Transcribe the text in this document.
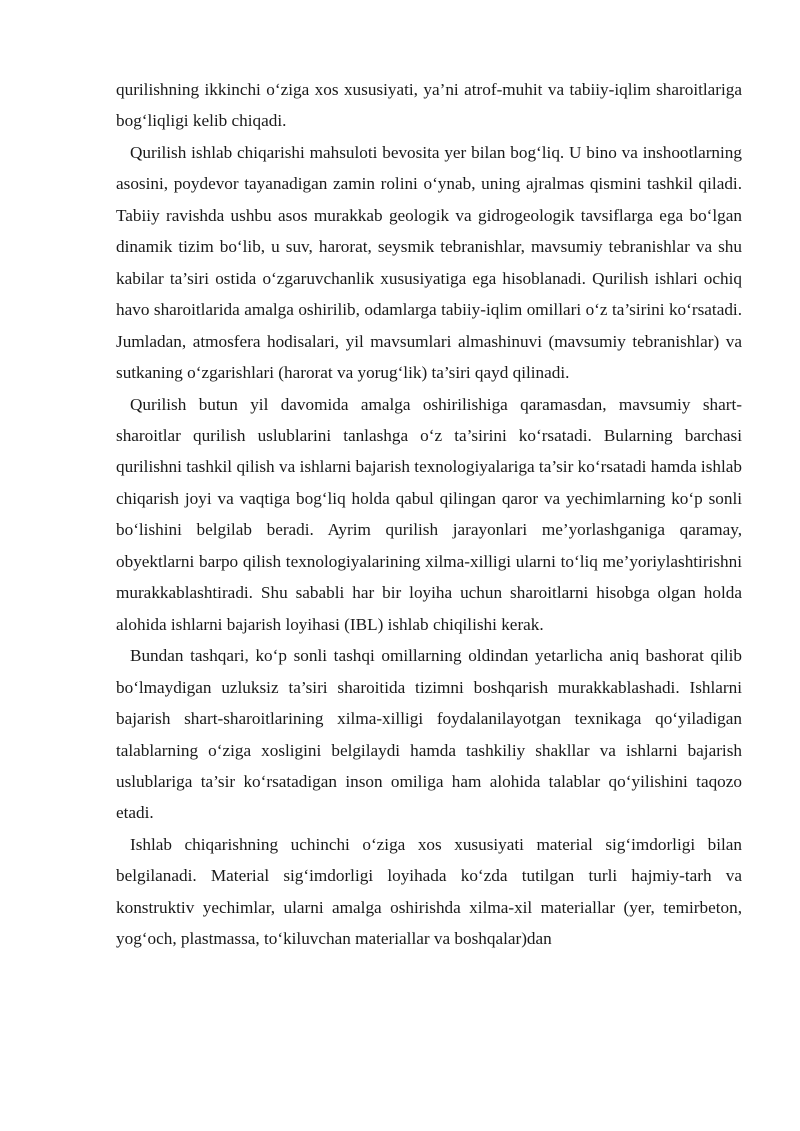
qurilishning ikkinchi o‘ziga xos xususiyati, ya’ni atrof-muhit va tabiiy-iqlim sharoitlariga bog‘liqligi kelib chiqadi.

Qurilish ishlab chiqarishi mahsuloti bevosita yer bilan bog‘liq. U bino va inshootlarning asosini, poydevor tayanadigan zamin rolini o‘ynab, uning ajralmas qismini tashkil qiladi. Tabiiy ravishda ushbu asos murakkab geologik va gidrogeologik tavsiflarga ega bo‘lgan dinamik tizim bo‘lib, u suv, harorat, seysmik tebranishlar, mavsumiy tebranishlar va shu kabilar ta’siri ostida o‘zgaruvchanlik xususiyatiga ega hisoblanadi. Qurilish ishlari ochiq havo sharoitlarida amalga oshirilib, odamlarga tabiiy-iqlim omillari o‘z ta’sirini ko‘rsatadi. Jumladan, atmosfera hodisalari, yil mavsumlari almashinuvi (mavsumiy tebranishlar) va sutkaning o‘zgarishlari (harorat va yorug‘lik) ta’siri qayd qilinadi.

Qurilish butun yil davomida amalga oshirilishiga qaramasdan, mavsumiy shart-sharoitlar qurilish uslublarini tanlashga o‘z ta’sirini ko‘rsatadi. Bularning barchasi qurilishni tashkil qilish va ishlarni bajarish texnologiyalariga ta’sir ko‘rsatadi hamda ishlab chiqarish joyi va vaqtiga bog‘liq holda qabul qilingan qaror va yechimlarning ko‘p sonli bo‘lishini belgilab beradi. Ayrim qurilish jarayonlari me’yorlashganiga qaramay, obyektlarni barpo qilish texnologiyalarining xilma-xilligi ularni to‘liq me’yoriylashtirishni murakkablashtiradi. Shu sababli har bir loyiha uchun sharoitlarni hisobga olgan holda alohida ishlarni bajarish loyihasi (IBL) ishlab chiqilishi kerak.

Bundan tashqari, ko‘p sonli tashqi omillarning oldindan yetarlicha aniq bashorat qilib bo‘lmaydigan uzluksiz ta’siri sharoitida tizimni boshqarish murakkablashadi. Ishlarni bajarish shart-sharoitlarining xilma-xilligi foydalanilayotgan texnikaga qo‘yiladigan talablarning o‘ziga xosligini belgilaydi hamda tashkiliy shakllar va ishlarni bajarish uslublariga ta’sir ko‘rsatadigan inson omiliga ham alohida talablar qo‘yilishini taqozo etadi.

Ishlab chiqarishning uchinchi o‘ziga xos xususiyati material sig‘imdorligi bilan belgilanadi. Material sig‘imdorligi loyihada ko‘zda tutilgan turli hajmiy-tarh va konstruktiv yechimlar, ularni amalga oshirishda xilma-xil materiallar (yer, temirbeton, yog‘och, plastmassa, to‘kiluvchan materiallar va boshqalar)dan
